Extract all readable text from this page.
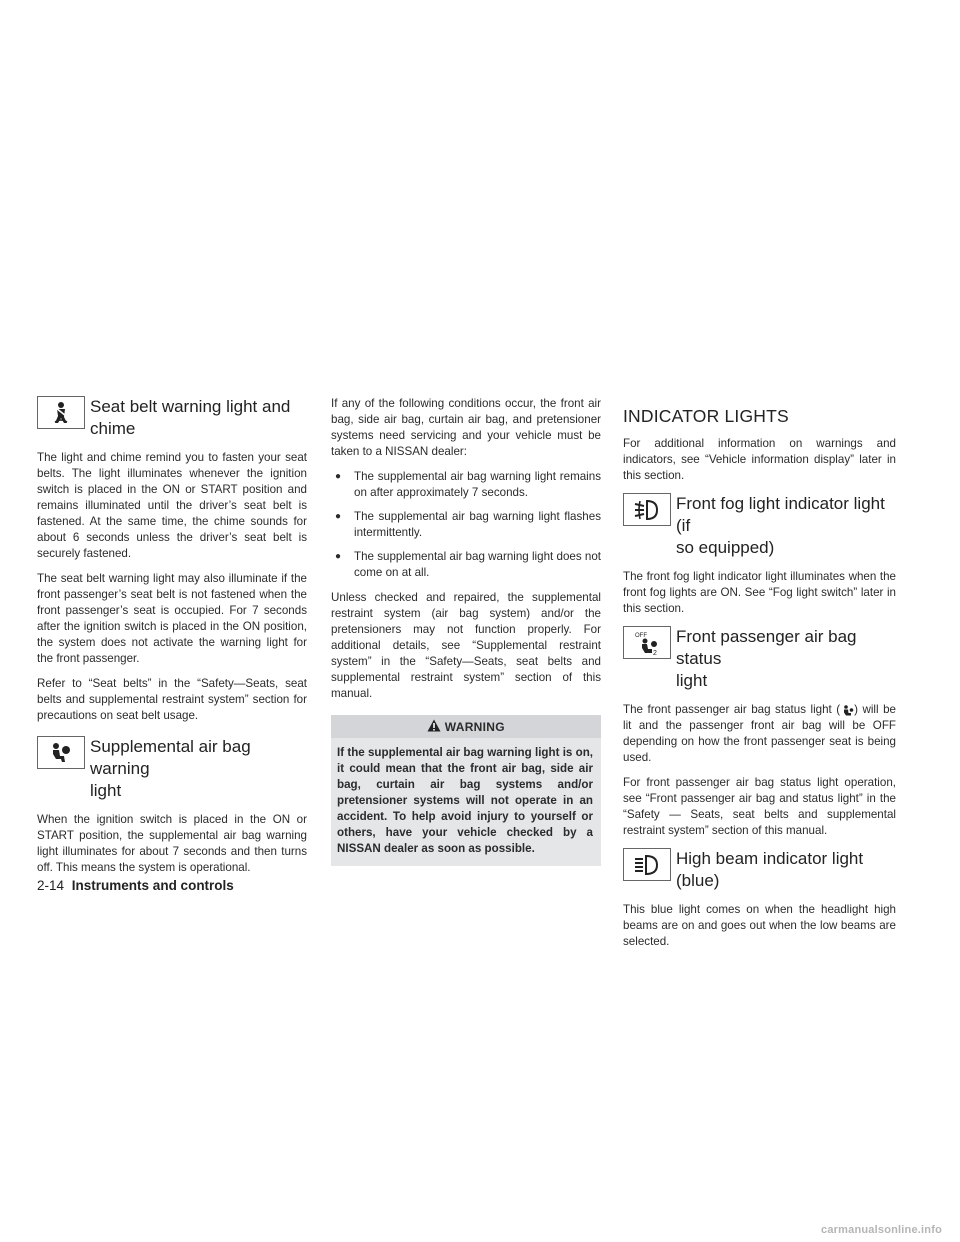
Seat belt warning light and
chime

The light and chime remind you to fasten your seat belts. The light illuminates whenever the ignition switch is placed in the ON or START position and remains illuminated until the driver’s seat belt is fastened. At the same time, the chime sounds for about 6 seconds unless the driver’s seat belt is securely fastened.

The seat belt warning light may also illuminate if the front passenger’s seat belt is not fastened when the front passenger’s seat is occupied. For 7 seconds after the ignition switch is placed in the ON position, the system does not activate the warning light for the front passenger.

Refer to “Seat belts” in the “Safety—Seats, seat belts and supplemental restraint system” section for precautions on seat belt usage.

Supplemental air bag warning
light

When the ignition switch is placed in the ON or START position, the supplemental air bag warning light illuminates for about 7 seconds and then turns off. This means the system is operational.

If any of the following conditions occur, the front air bag, side air bag, curtain air bag, and pretensioner systems need servicing and your vehicle must be taken to a NISSAN dealer:

● The supplemental air bag warning light remains on after approximately 7 seconds.
● The supplemental air bag warning light flashes intermittently.
● The supplemental air bag warning light does not come on at all.

Unless checked and repaired, the supplemental restraint system (air bag system) and/or the pretensioners may not function properly. For additional details, see “Supplemental restraint system” in the “Safety—Seats, seat belts and supplemental restraint system” section of this manual.

WARNING
If the supplemental air bag warning light is on, it could mean that the front air bag, side air bag, curtain air bag systems and/or pretensioner systems will not operate in an accident. To help avoid injury to yourself or others, have your vehicle checked by a NISSAN dealer as soon as possible.
INDICATOR LIGHTS

For additional information on warnings and indicators, see “Vehicle information display” later in this section.

Front fog light indicator light (if
so equipped)

The front fog light indicator light illuminates when the front fog lights are ON. See “Fog light switch” later in this section.

OFF
2
Front passenger air bag status
light

The front passenger air bag status light ( ) will be lit and the passenger front air bag will be OFF depending on how the front passenger seat is being used.

For front passenger air bag status light operation, see “Front passenger air bag and status light” in the “Safety — Seats, seat belts and supplemental restraint system” section of this manual.

High beam indicator light
(blue)

This blue light comes on when the headlight high beams are on and goes out when the low beams are selected.

2-14 Instruments and controls
carmanualsonline.info
